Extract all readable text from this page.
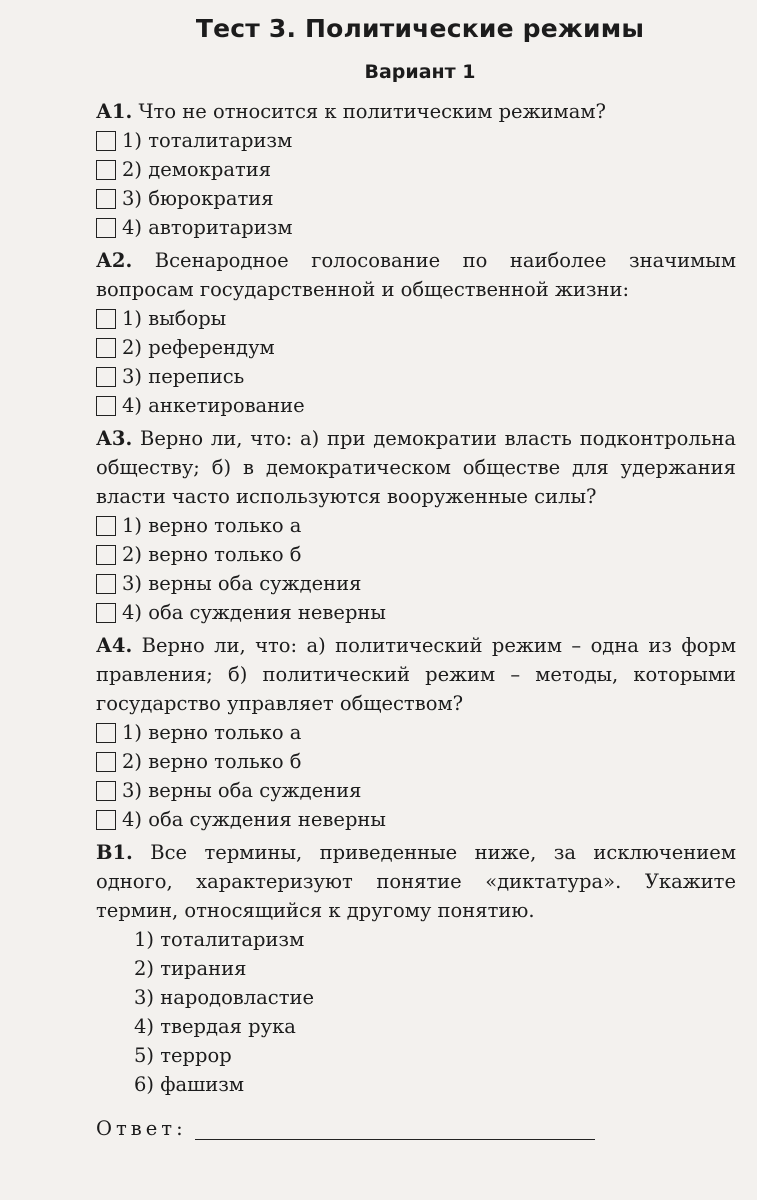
Тест 3. Политические режимы
Вариант 1
А1. Что не относится к политическим режимам?
1) тоталитаризм
2) демократия
3) бюрократия
4) авторитаризм
А2. Всенародное голосование по наиболее значимым вопросам государственной и общественной жизни:
1) выборы
2) референдум
3) перепись
4) анкетирование
А3. Верно ли, что: а) при демократии власть подконтрольна обществу; б) в демократическом обществе для удержания власти часто используются вооруженные силы?
1) верно только а
2) верно только б
3) верны оба суждения
4) оба суждения неверны
А4. Верно ли, что: а) политический режим – одна из форм правления; б) политический режим – методы, которыми государство управляет обществом?
1) верно только а
2) верно только б
3) верны оба суждения
4) оба суждения неверны
В1. Все термины, приведенные ниже, за исключением одного, характеризуют понятие «диктатура». Укажите термин, относящийся к другому понятию.
1) тоталитаризм
2) тирания
3) народовластие
4) твердая рука
5) террор
6) фашизм
Ответ:
